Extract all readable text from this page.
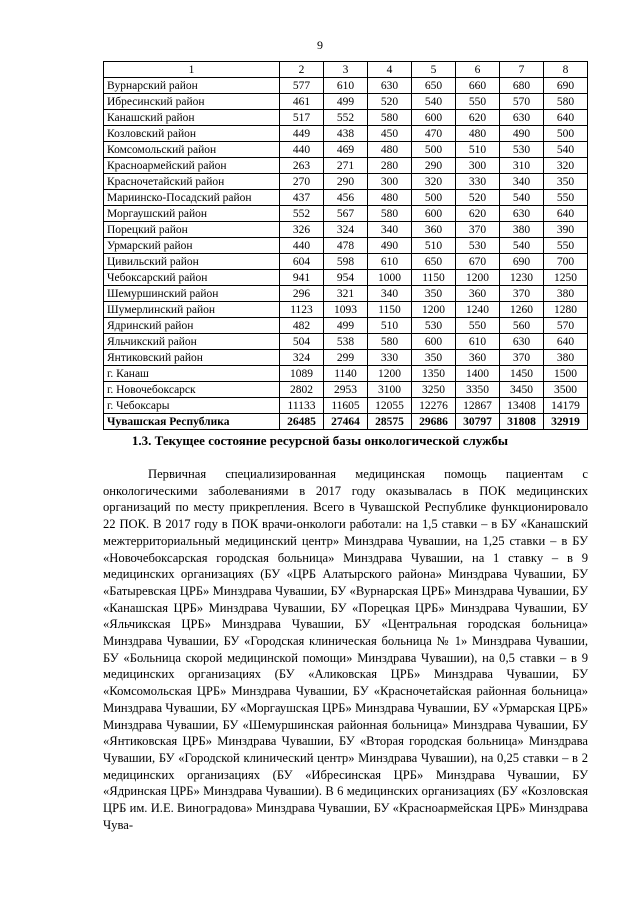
9
1	2	3	4	5	6	7	8
Вурнарский район	577	610	630	650	660	680	690
Ибресинский район	461	499	520	540	550	570	580
Канашский район	517	552	580	600	620	630	640
Козловский район	449	438	450	470	480	490	500
Комсомольский район	440	469	480	500	510	530	540
Красноармейский район	263	271	280	290	300	310	320
Красночетайский район	270	290	300	320	330	340	350
Мариинско-Посадский район	437	456	480	500	520	540	550
Моргаушский район	552	567	580	600	620	630	640
Порецкий район	326	324	340	360	370	380	390
Урмарский район	440	478	490	510	530	540	550
Цивильский район	604	598	610	650	670	690	700
Чебоксарский район	941	954	1000	1150	1200	1230	1250
Шемуршинский район	296	321	340	350	360	370	380
Шумерлинский район	1123	1093	1150	1200	1240	1260	1280
Ядринский район	482	499	510	530	550	560	570
Яльчикский район	504	538	580	600	610	630	640
Янтиковский район	324	299	330	350	360	370	380
г. Канаш	1089	1140	1200	1350	1400	1450	1500
г. Новочебоксарск	2802	2953	3100	3250	3350	3450	3500
г. Чебоксары	11133	11605	12055	12276	12867	13408	14179
Чувашская Республика	26485	27464	28575	29686	30797	31808	32919
1.3. Текущее состояние ресурсной базы онкологической службы

Первичная специализированная медицинская помощь пациентам с онкологическими заболеваниями в 2017 году оказывалась в ПОК медицинских организаций по месту прикрепления. Всего в Чувашской Республике функционировало 22 ПОК. В 2017 году в ПОК врачи-онкологи работали: на 1,5 ставки – в БУ «Канашский межтерриториальный медицинский центр» Минздрава Чувашии, на 1,25 ставки – в БУ «Новочебоксарская городская больница» Минздрава Чувашии, на 1 ставку – в 9 медицинских организациях (БУ «ЦРБ Алатырского района» Минздрава Чувашии, БУ «Батыревская ЦРБ» Минздрава Чувашии, БУ «Вурнарская ЦРБ» Минздрава Чувашии, БУ «Канашская ЦРБ» Минздрава Чувашии, БУ «Порецкая ЦРБ» Минздрава Чувашии, БУ «Яльчикская ЦРБ» Минздрава Чувашии, БУ «Центральная городская больница» Минздрава Чувашии, БУ «Городская клиническая больница № 1» Минздрава Чувашии, БУ «Больница скорой медицинской помощи» Минздрава Чувашии), на 0,5 ставки – в 9 медицинских организациях (БУ «Аликовская ЦРБ» Минздрава Чувашии, БУ «Комсомольская ЦРБ» Минздрава Чувашии, БУ «Красночетайская районная больница» Минздрава Чувашии, БУ «Моргаушская ЦРБ» Минздрава Чувашии, БУ «Урмарская ЦРБ» Минздрава Чувашии, БУ «Шемуршинская районная больница» Минздрава Чувашии, БУ «Янтиковская ЦРБ» Минздрава Чувашии, БУ «Вторая городская больница» Минздрава Чувашии, БУ «Городской клинический центр» Минздрава Чувашии), на 0,25 ставки – в 2 медицинских организациях (БУ «Ибресинская ЦРБ» Минздрава Чувашии, БУ «Ядринская ЦРБ» Минздрава Чувашии). В 6 медицинских организациях (БУ «Козловская ЦРБ им. И.Е. Виноградова» Минздрава Чувашии, БУ «Красноармейская ЦРБ» Минздрава Чува-
